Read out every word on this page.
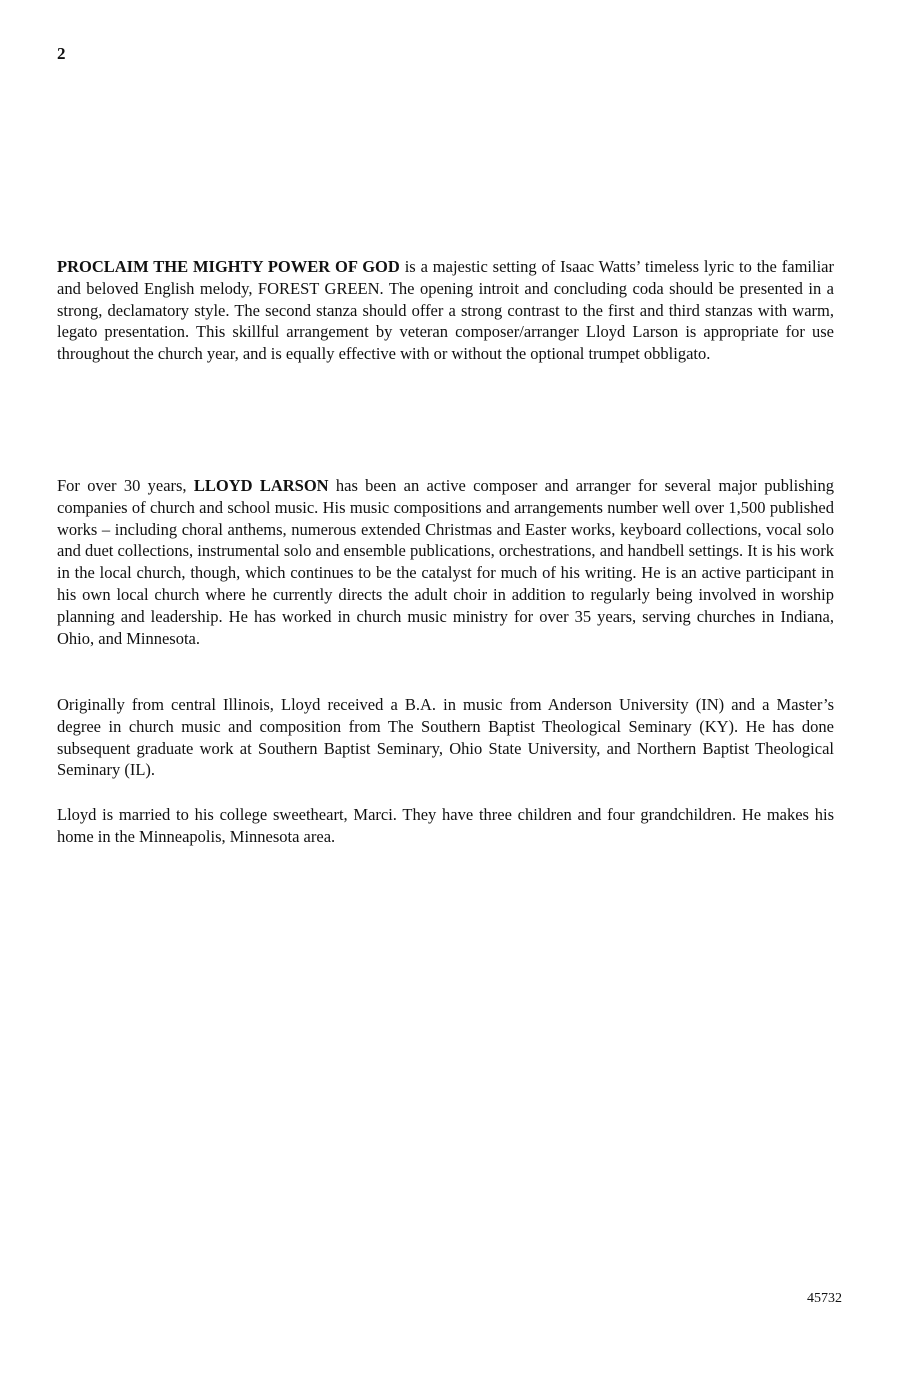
2

PROCLAIM THE MIGHTY POWER OF GOD is a majestic setting of Isaac Watts’ timeless lyric to the familiar and beloved English melody, FOREST GREEN. The opening introit and concluding coda should be presented in a strong, declamatory style. The second stanza should offer a strong contrast to the first and third stanzas with warm, legato presentation. This skillful arrangement by veteran composer/arranger Lloyd Larson is appropriate for use throughout the church year, and is equally effective with or without the optional trumpet obbligato.

For over 30 years, LLOYD LARSON has been an active composer and arranger for several major publishing companies of church and school music. His music compositions and arrangements number well over 1,500 published works – including choral anthems, numerous extended Christmas and Easter works, keyboard collections, vocal solo and duet collections, instrumental solo and ensemble publications, orchestrations, and handbell settings. It is his work in the local church, though, which continues to be the catalyst for much of his writing. He is an active participant in his own local church where he currently directs the adult choir in addition to regularly being involved in worship planning and leadership. He has worked in church music ministry for over 35 years, serving churches in Indiana, Ohio, and Minnesota.

Originally from central Illinois, Lloyd received a B.A. in music from Anderson University (IN) and a Master’s degree in church music and composition from The Southern Baptist Theological Seminary (KY). He has done subsequent graduate work at Southern Baptist Seminary, Ohio State University, and Northern Baptist Theological Seminary (IL).

Lloyd is married to his college sweetheart, Marci. They have three children and four grandchildren. He makes his home in the Minneapolis, Minnesota area.

45732
